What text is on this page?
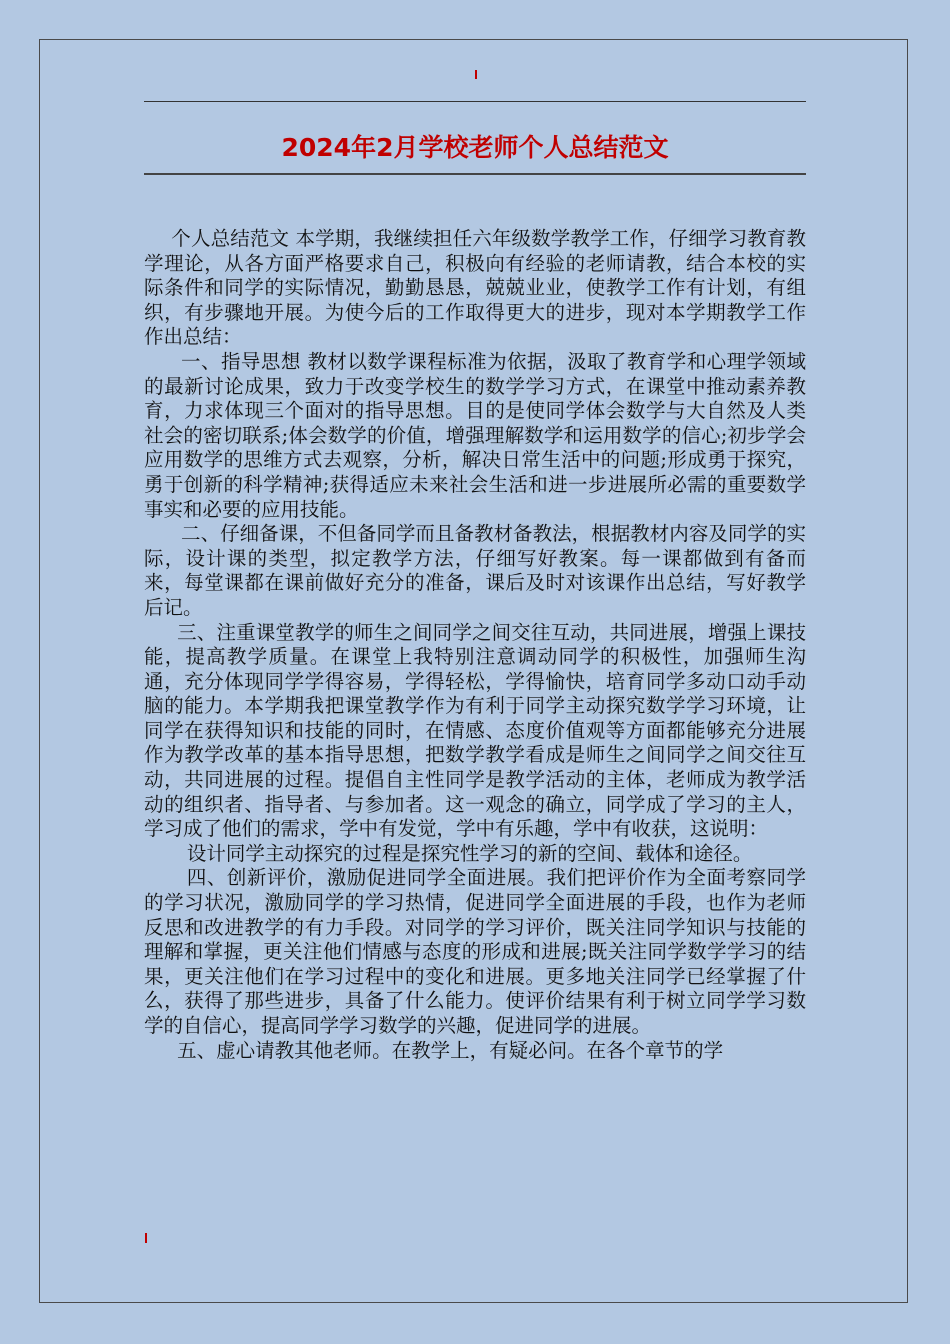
2024年2月学校老师个人总结范文

个人总结范文 本学期，我继续担任六年级数学教学工作，仔细学习教育教学理论，从各方面严格要求自己，积极向有经验的老师请教，结合本校的实际条件和同学的实际情况，勤勤恳恳，兢兢业业，使教学工作有计划，有组织，有步骤地开展。为使今后的工作取得更大的进步，现对本学期教学工作作出总结：

一、指导思想 教材以数学课程标准为依据，汲取了教育学和心理学领域的最新讨论成果，致力于改变学校生的数学学习方式，在课堂中推动素养教育，力求体现三个面对的指导思想。目的是使同学体会数学与大自然及人类社会的密切联系;体会数学的价值，增强理解数学和运用数学的信心;初步学会应用数学的思维方式去观察，分析，解决日常生活中的问题;形成勇于探究，勇于创新的科学精神;获得适应未来社会生活和进一步进展所必需的重要数学事实和必要的应用技能。

二、仔细备课，不但备同学而且备教材备教法，根据教材内容及同学的实际，设计课的类型，拟定教学方法，仔细写好教案。每一课都做到有备而来，每堂课都在课前做好充分的准备，课后及时对该课作出总结，写好教学后记。

三、注重课堂教学的师生之间同学之间交往互动，共同进展，增强上课技能，提高教学质量。在课堂上我特别注意调动同学的积极性，加强师生沟通，充分体现同学学得容易，学得轻松，学得愉快，培育同学多动口动手动脑的能力。本学期我把课堂教学作为有利于同学主动探究数学学习环境，让同学在获得知识和技能的同时，在情感、态度价值观等方面都能够充分进展作为教学改革的基本指导思想，把数学教学看成是师生之间同学之间交往互动，共同进展的过程。提倡自主性同学是教学活动的主体，老师成为教学活动的组织者、指导者、与参加者。这一观念的确立，同学成了学习的主人，学习成了他们的需求，学中有发觉，学中有乐趣，学中有收获，这说明：

设计同学主动探究的过程是探究性学习的新的空间、载体和途径。

四、创新评价，激励促进同学全面进展。我们把评价作为全面考察同学的学习状况，激励同学的学习热情，促进同学全面进展的手段，也作为老师反思和改进教学的有力手段。对同学的学习评价，既关注同学知识与技能的理解和掌握，更关注他们情感与态度的形成和进展;既关注同学数学学习的结果，更关注他们在学习过程中的变化和进展。更多地关注同学已经掌握了什么，获得了那些进步，具备了什么能力。使评价结果有利于树立同学学习数学的自信心，提高同学学习数学的兴趣，促进同学的进展。

五、虚心请教其他老师。在教学上，有疑必问。在各个章节的学
